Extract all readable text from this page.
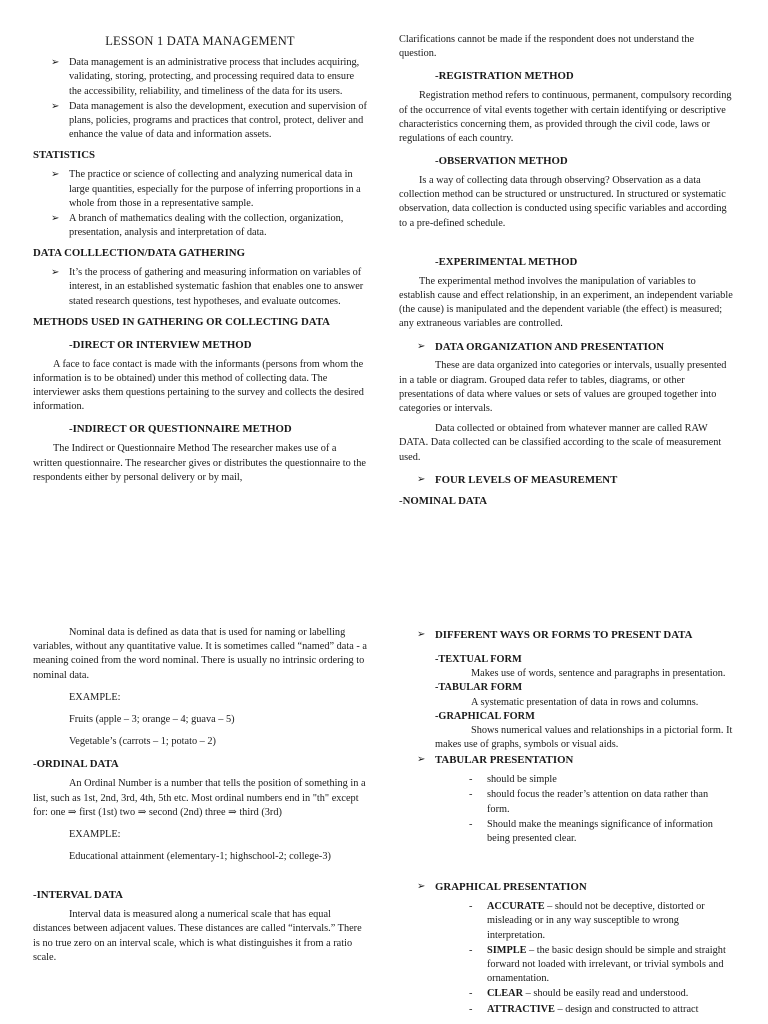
LESSON 1 DATA MANAGEMENT

➢ Data management is an administrative process that includes acquiring, validating, storing, protecting, and processing required data to ensure the accessibility, reliability, and timeliness of the data for its users.
➢ Data management is also the development, execution and supervision of plans, policies, programs and practices that control, protect, deliver and enhance the value of data and information assets.

STATISTICS

➢ The practice or science of collecting and analyzing numerical data in large quantities, especially for the purpose of inferring proportions in a whole from those in a representative sample.
➢ A branch of mathematics dealing with the collection, organization, presentation, analysis and interpretation of data.

DATA COLLLECTION/DATA GATHERING

➢ It’s the process of gathering and measuring information on variables of interest, in an established systematic fashion that enables one to answer stated research questions, test hypotheses, and evaluate outcomes.

METHODS USED IN GATHERING OR COLLECTING DATA

-DIRECT OR INTERVIEW METHOD

A face to face contact is made with the informants (persons from whom the information is to be obtained) under this method of collecting data. The interviewer asks them questions pertaining to the survey and collects the desired information.

-INDIRECT OR QUESTIONNAIRE METHOD

The Indirect or Questionnaire Method The researcher makes use of a written questionnaire. The researcher gives or distributes the questionnaire to the respondents either by personal delivery or by mail,

Clarifications cannot be made if the respondent does not understand the question.

-REGISTRATION METHOD

Registration method refers to continuous, permanent, compulsory recording of the occurrence of vital events together with certain identifying or descriptive characteristics concerning them, as provided through the civil code, laws or regulations of each country.

-OBSERVATION METHOD

Is a way of collecting data through observing? Observation as a data collection method can be structured or unstructured. In structured or systematic observation, data collection is conducted using specific variables and according to a pre-defined schedule.

-EXPERIMENTAL METHOD

The experimental method involves the manipulation of variables to establish cause and effect relationship, in an experiment, an independent variable (the cause) is manipulated and the dependent variable (the effect) is measured; any extraneous variables are controlled.

➢ DATA ORGANIZATION AND PRESENTATION

These are data organized into categories or intervals, usually presented in a table or diagram. Grouped data refer to tables, diagrams, or other presentations of data where values or sets of values are grouped together into categories or intervals.

Data collected or obtained from whatever manner are called RAW DATA. Data collected can be classified according to the scale of measurement used.

➢ FOUR LEVELS OF MEASUREMENT

-NOMINAL DATA

Nominal data is defined as data that is used for naming or labelling variables, without any quantitative value. It is sometimes called “named” data - a meaning coined from the word nominal. There is usually no intrinsic ordering to nominal data.

EXAMPLE:

Fruits (apple – 3; orange – 4; guava – 5)

Vegetable’s (carrots – 1; potato – 2)

-ORDINAL DATA

An Ordinal Number is a number that tells the position of something in a list, such as 1st, 2nd, 3rd, 4th, 5th etc. Most ordinal numbers end in "th" except for: one ⇒ first (1st) two ⇒ second (2nd) three ⇒ third (3rd)

EXAMPLE:

Educational attainment (elementary-1; highschool-2; college-3)

-INTERVAL DATA

Interval data is measured along a numerical scale that has equal distances between adjacent values. These distances are called “intervals.” There is no true zero on an interval scale, which is what distinguishes it from a ratio scale.

➢ DIFFERENT WAYS OR FORMS TO PRESENT DATA

-TEXTUAL FORM

Makes use of words, sentence and paragraphs in presentation.

-TABULAR FORM

A systematic presentation of data in rows and columns.

-GRAPHICAL FORM

Shows numerical values and relationships in a pictorial form. It makes use of graphs, symbols or visual aids.

➢ TABULAR PRESENTATION

- should be simple
- should focus the reader’s attention on data rather than form.
- Should make the meanings significance of information being presented clear.

➢ GRAPHICAL PRESENTATION

- ACCURATE – should not be deceptive, distorted or misleading or in any way susceptible to wrong interpretation.
- SIMPLE – the basic design should be simple and straight forward not loaded with irrelevant, or trivial symbols and ornamentation.
- CLEAR – should be easily read and understood.
- ATTRACTIVE – design and constructed to attract
